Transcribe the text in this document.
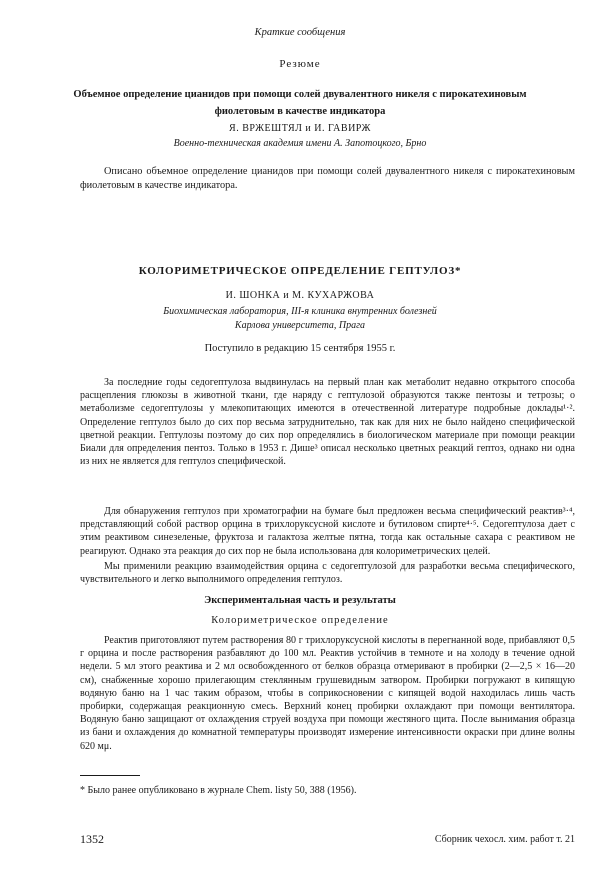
Краткие сообщения
Резюме
Объемное определение цианидов при помощи солей двувалентного никеля с пирокатехиновым фиолетовым в качестве индикатора
Я. ВРЖЕШТЯЛ и И. ГАВИРЖ
Военно-техническая академия имени А. Запотоцкого, Брно

Описано объемное определение цианидов при помощи солей двувалентного никеля с пирокатехиновым фиолетовым в качестве индикатора.

КОЛОРИМЕТРИЧЕСКОЕ ОПРЕДЕЛЕНИЕ ГЕПТУЛОЗ*
И. ШОНКА и М. КУХАРЖОВА
Биохимическая лаборатория, III-я клиника внутренних болезней
Карлова университета, Прага
Поступило в редакцию 15 сентября 1955 г.

За последние годы седогептулоза выдвинулась на первый план как метаболит недавно открытого способа расщепления глюкозы в животной ткани, где наряду с гептулозой образуются также пентозы и тетрозы; о метаболизме седогептулозы у млекопитающих имеются в отечественной литературе подробные доклады¹·². Определение гептулоз было до сих пор весьма затруднительно, так как для них не было найдено специфической цветной реакции. Гептулозы поэтому до сих пор определялись в биологическом материале при помощи реакции Биали для определения пентоз. Только в 1953 г. Дише³ описал несколько цветных реакций гептоз, однако ни одна из них не является для гептулоз специфической.

Для обнаружения гептулоз при хроматографии на бумаге был предложен весьма специфический реактив³·⁴, представляющий собой раствор орцина в трихлоруксусной кислоте и бутиловом спирте⁴·⁵. Седогептулоза дает с этим реактивом синезеленые, фруктоза и галактоза желтые пятна, тогда как остальные сахара с реактивом не реагируют. Однако эта реакция до сих пор не была использована для колориметрических целей.

Мы применили реакцию взаимодействия орцина с седогептулозой для разработки весьма специфического, чувствительного и легко выполнимого определения гептулоз.

Экспериментальная часть и результаты
Колориметрическое определение

Реактив приготовляют путем растворения 80 г трихлоруксусной кислоты в перегнанной воде, прибавляют 0,5 г орцина и после растворения разбавляют до 100 мл. Реактив устойчив в темноте и на холоду в течение одной недели. 5 мл этого реактива и 2 мл освобожденного от белков образца отмеривают в пробирки (2—2,5 × 16—20 см), снабженные хорошо прилегающим стеклянным грушевидным затвором. Пробирки погружают в кипящую водяную баню на 1 час таким образом, чтобы в соприкосновении с кипящей водой находилась лишь часть пробирки, содержащая реакционную смесь. Верхний конец пробирки охлаждают при помощи вентилятора. Водяную баню защищают от охлаждения струей воздуха при помощи жестяного щита. После вынимания образца из бани и охлаждения до комнатной температуры производят измерение интенсивности окраски при длине волны 620 мμ.

* Было ранее опубликовано в журнале Chem. listy 50, 388 (1956).
1352	Сборник чехосл. хим. работ т. 21
